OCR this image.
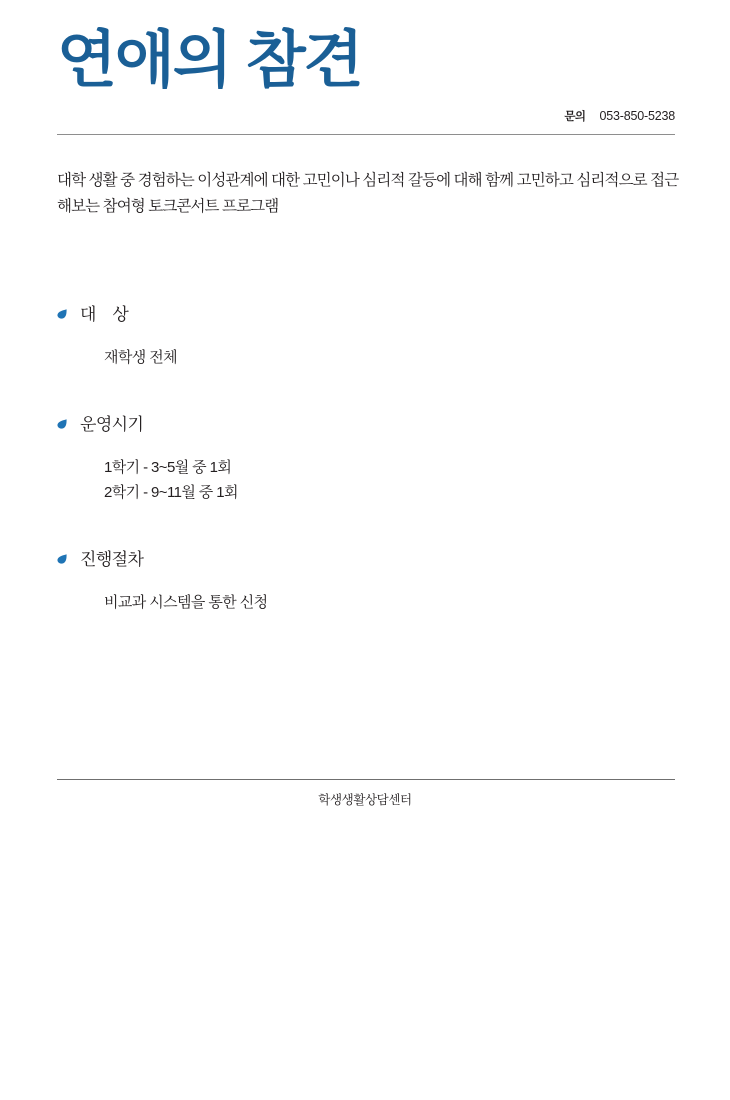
연애의 참견
문의 053-850-5238
대학 생활 중 경험하는 이성관계에 대한 고민이나 심리적 갈등에 대해 함께 고민하고 심리적으로 접근해보는 참여형 토크콘서트 프로그램
대    상
재학생 전체
운영시기
1학기 - 3~5월 중 1회
2학기 - 9~11월 중 1회
진행절차
비교과 시스템을 통한 신청
학생생활상담센터
